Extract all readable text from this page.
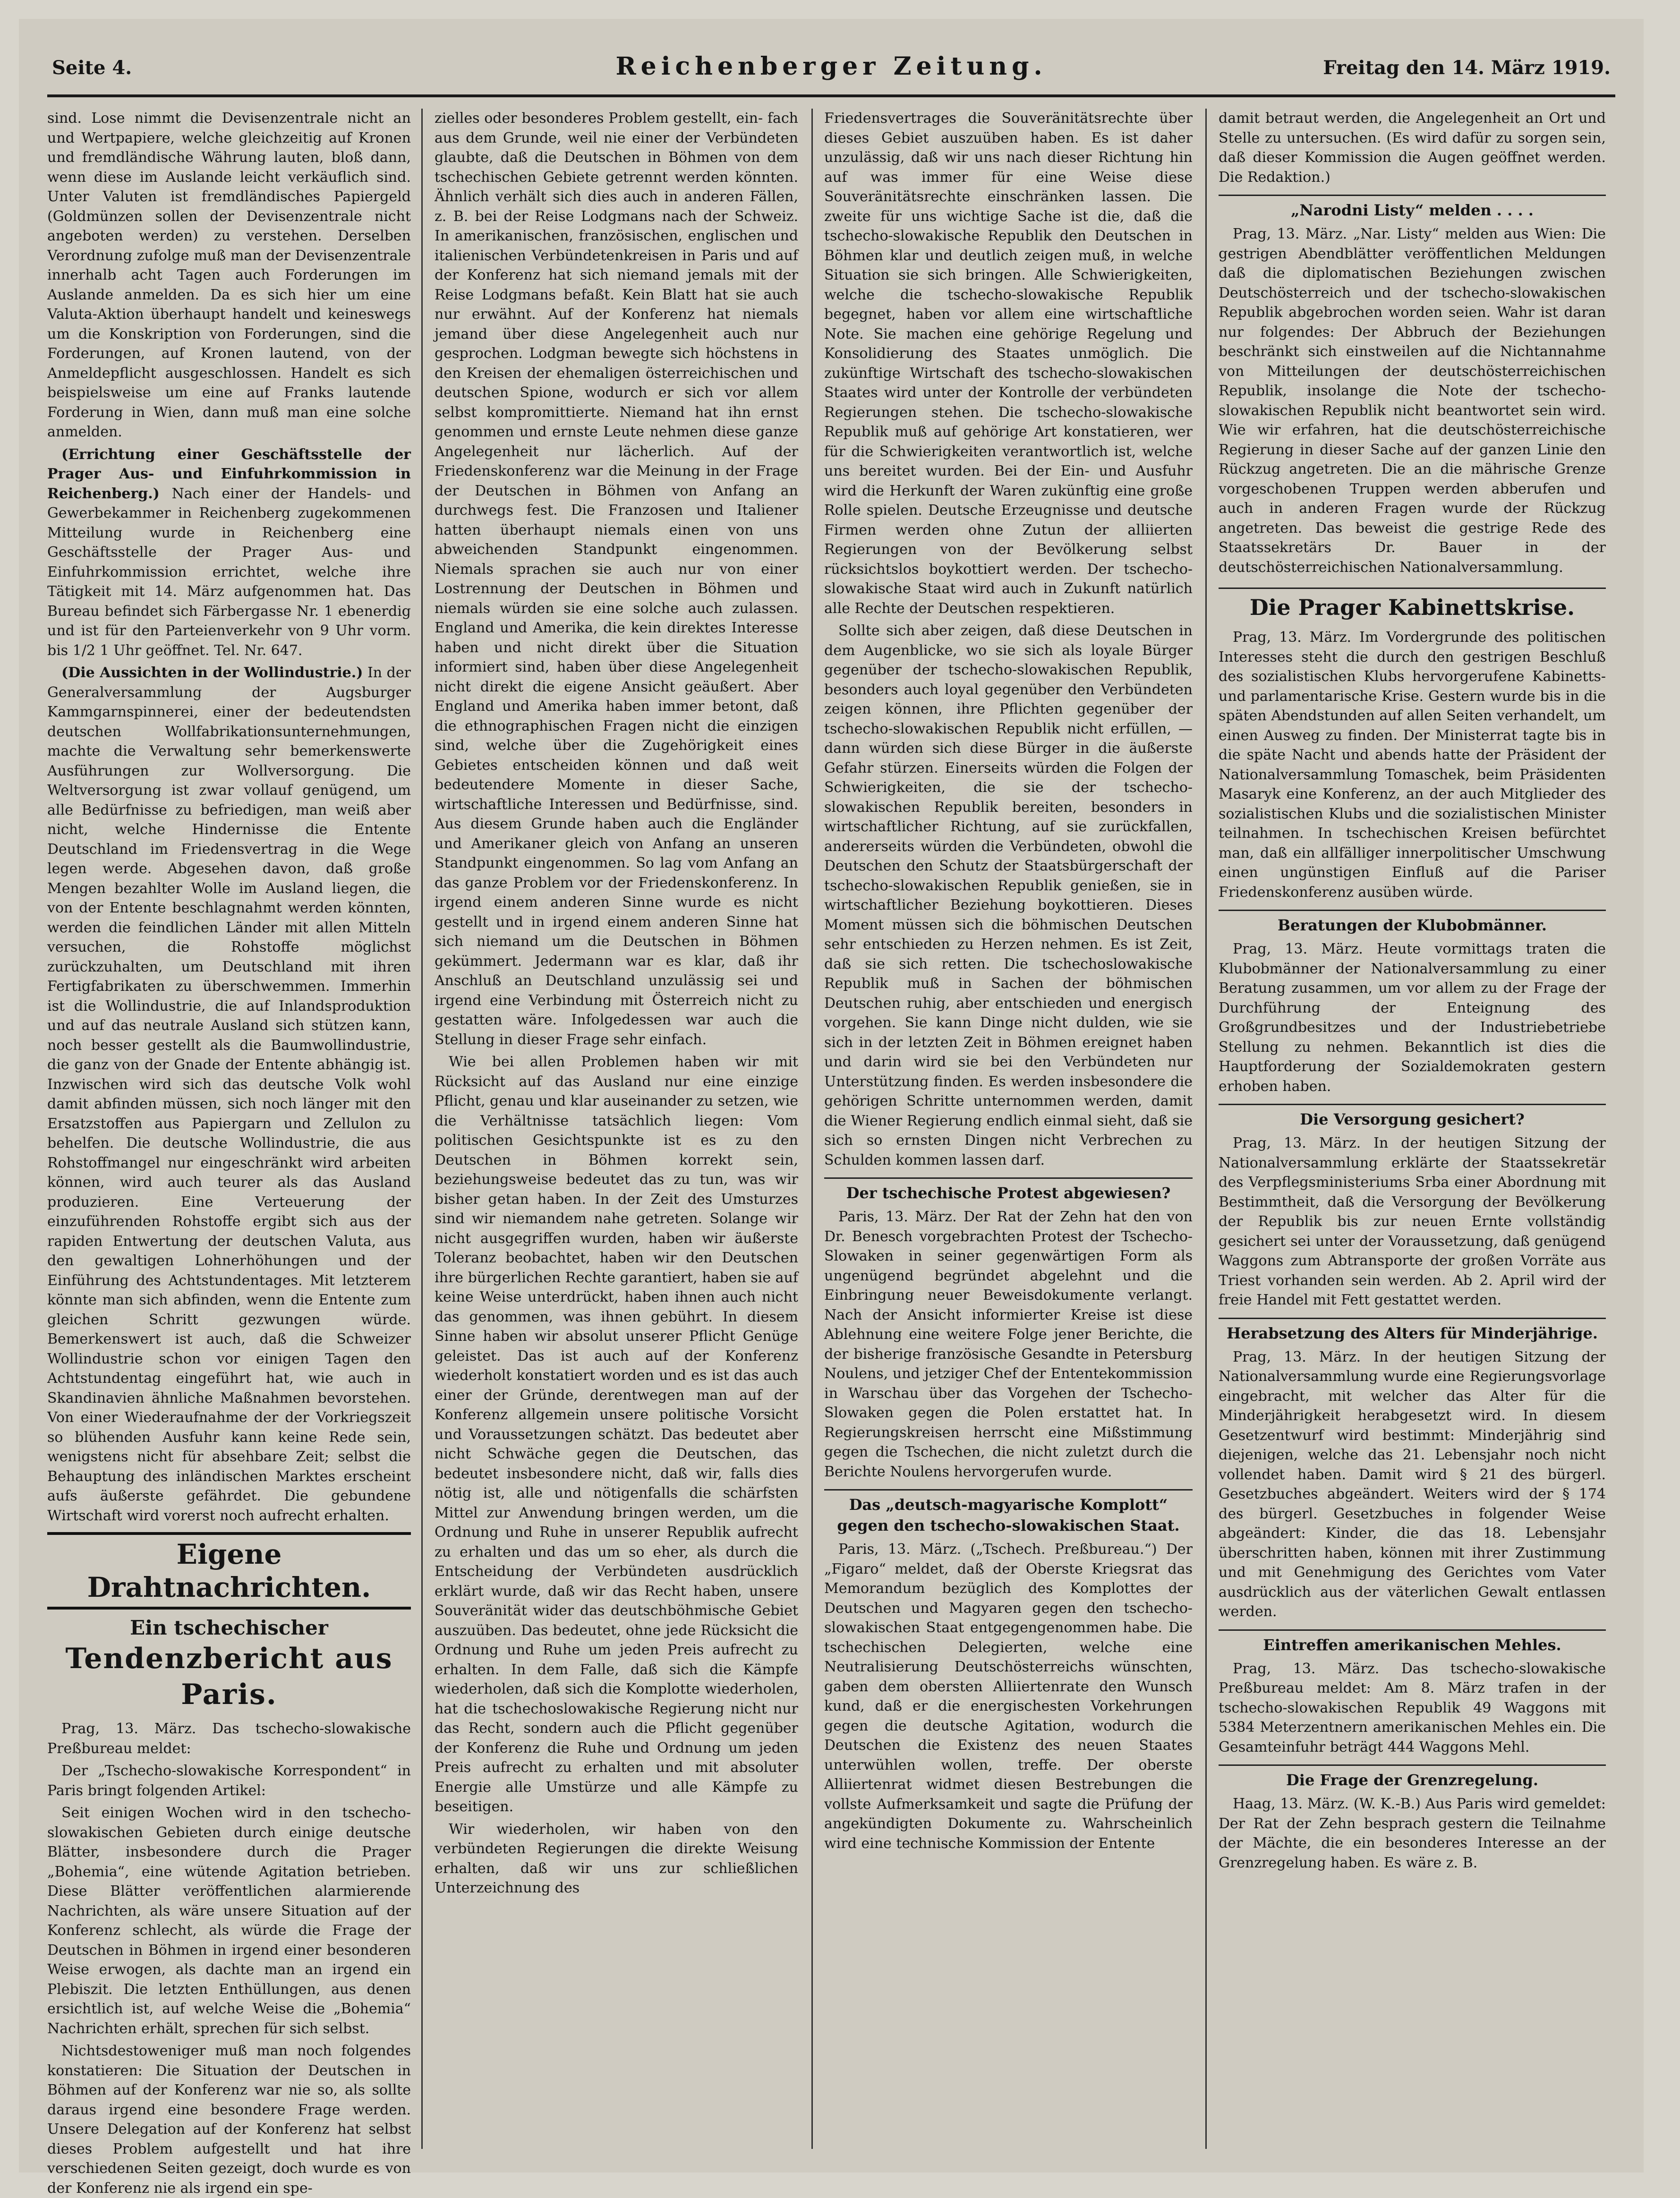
Seite 4.	Reichenberger Zeitung.	Freitag den 14. März 1919.

sind. Lose nimmt die Devisenzentrale nicht an und Wertpapiere, welche gleichzeitig auf Kronen und fremdländische Währung lauten, bloß dann, wenn diese im Auslande leicht verkäuflich sind. Unter Valuten ist fremdländisches Papiergeld (Goldmünzen sollen der Devisenzentrale nicht angeboten werden) zu verstehen. Derselben Verordnung zufolge muß man der Devisenzentrale innerhalb acht Tagen auch Forderungen im Auslande anmelden. Da es sich hier um eine Valuta-Aktion überhaupt handelt und keineswegs um die Konskription von Forderungen, sind die Forderungen, auf Kronen lautend, von der Anmeldepflicht ausgeschlossen. Handelt es sich beispielsweise um eine auf Franks lautende Forderung in Wien, dann muß man eine solche anmelden.

(Errichtung einer Geschäftsstelle der Prager Aus- und Einfuhrkommission in Reichenberg.) Nach einer der Handels- und Gewerbekammer in Reichenberg zugekommenen Mitteilung wurde in Reichenberg eine Geschäftsstelle der Prager Aus- und Einfuhrkommission errichtet, welche ihre Tätigkeit mit 14. März aufgenommen hat. Das Bureau befindet sich Färbergasse Nr. 1 ebenerdig und ist für den Parteienverkehr von 9 Uhr vorm. bis 1/2 1 Uhr geöffnet. Tel. Nr. 647.

(Die Aussichten in der Wollindustrie.) In der Generalversammlung der Augsburger Kammgarnspinnerei, einer der bedeutendsten deutschen Wollfabrikationsunternehmungen, machte die Verwaltung sehr bemerkenswerte Ausführungen zur Wollversorgung. Die Weltversorgung ist zwar vollauf genügend, um alle Bedürfnisse zu befriedigen, man weiß aber nicht, welche Hindernisse die Entente Deutschland im Friedensvertrag in die Wege legen werde. Abgesehen davon, daß große Mengen bezahlter Wolle im Ausland liegen, die von der Entente beschlagnahmt werden könnten, werden die feindlichen Länder mit allen Mitteln versuchen, die Rohstoffe möglichst zurückzuhalten, um Deutschland mit ihren Fertigfabrikaten zu überschwemmen. Immerhin ist die Wollindustrie, die auf Inlandsproduktion und auf das neutrale Ausland sich stützen kann, noch besser gestellt als die Baumwollindustrie, die ganz von der Gnade der Entente abhängig ist. Inzwischen wird sich das deutsche Volk wohl damit abfinden müssen, sich noch länger mit den Ersatzstoffen aus Papiergarn und Zellulon zu behelfen. Die deutsche Wollindustrie, die aus Rohstoffmangel nur eingeschränkt wird arbeiten können, wird auch teurer als das Ausland produzieren. Eine Verteuerung der einzuführenden Rohstoffe ergibt sich aus der rapiden Entwertung der deutschen Valuta, aus den gewaltigen Lohnerhöhungen und der Einführung des Achtstundentages. Mit letzterem könnte man sich abfinden, wenn die Entente zum gleichen Schritt gezwungen würde. Bemerkenswert ist auch, daß die Schweizer Wollindustrie schon vor einigen Tagen den Achtstundentag eingeführt hat, wie auch in Skandinavien ähnliche Maßnahmen bevorstehen. Von einer Wiederaufnahme der der Vorkriegszeit so blühenden Ausfuhr kann keine Rede sein, wenigstens nicht für absehbare Zeit; selbst die Behauptung des inländischen Marktes erscheint aufs äußerste gefährdet. Die gebundene Wirtschaft wird vorerst noch aufrecht erhalten.

Eigene Drahtnachrichten.
Ein tschechischer
Tendenzbericht aus Paris.

Prag, 13. März. Das tschecho-slowakische Preßbureau meldet:

Der „Tschecho-slowakische Korrespondent“ in Paris bringt folgenden Artikel:

Seit einigen Wochen wird in den tschecho-slowakischen Gebieten durch einige deutsche Blätter, insbesondere durch die Prager „Bohemia“, eine wütende Agitation betrieben. Diese Blätter veröffentlichen alarmierende Nachrichten, als wäre unsere Situation auf der Konferenz schlecht, als würde die Frage der Deutschen in Böhmen in irgend einer besonderen Weise erwogen, als dachte man an irgend ein Plebiszit. Die letzten Enthüllungen, aus denen ersichtlich ist, auf welche Weise die „Bohemia“ Nachrichten erhält, sprechen für sich selbst.

Nichtsdestoweniger muß man noch folgendes konstatieren: Die Situation der Deutschen in Böhmen auf der Konferenz war nie so, als sollte daraus irgend eine besondere Frage werden. Unsere Delegation auf der Konferenz hat selbst dieses Problem aufgestellt und hat ihre verschiedenen Seiten gezeigt, doch wurde es von der Konferenz nie als irgend ein spe-

zielles oder besonderes Problem gestellt, ein- fach aus dem Grunde, weil nie einer der Verbündeten glaubte, daß die Deutschen in Böhmen von dem tschechischen Gebiete getrennt werden könnten. Ähnlich verhält sich dies auch in anderen Fällen, z. B. bei der Reise Lodgmans nach der Schweiz. In amerikanischen, französischen, englischen und italienischen Verbündetenkreisen in Paris und auf der Konferenz hat sich niemand jemals mit der Reise Lodgmans befaßt. Kein Blatt hat sie auch nur erwähnt. Auf der Konferenz hat niemals jemand über diese Angelegenheit auch nur gesprochen. Lodgman bewegte sich höchstens in den Kreisen der ehemaligen österreichischen und deutschen Spione, wodurch er sich vor allem selbst kompromittierte. Niemand hat ihn ernst genommen und ernste Leute nehmen diese ganze Angelegenheit nur lächerlich. Auf der Friedenskonferenz war die Meinung in der Frage der Deutschen in Böhmen von Anfang an durchwegs fest. Die Franzosen und Italiener hatten überhaupt niemals einen von uns abweichenden Standpunkt eingenommen. Niemals sprachen sie auch nur von einer Lostrennung der Deutschen in Böhmen und niemals würden sie eine solche auch zulassen. England und Amerika, die kein direktes Interesse haben und nicht direkt über die Situation informiert sind, haben über diese Angelegenheit nicht direkt die eigene Ansicht geäußert. Aber England und Amerika haben immer betont, daß die ethnographischen Fragen nicht die einzigen sind, welche über die Zugehörigkeit eines Gebietes entscheiden können und daß weit bedeutendere Momente in dieser Sache, wirtschaftliche Interessen und Bedürfnisse, sind. Aus diesem Grunde haben auch die Engländer und Amerikaner gleich von Anfang an unseren Standpunkt eingenommen. So lag vom Anfang an das ganze Problem vor der Friedenskonferenz. In irgend einem anderen Sinne wurde es nicht gestellt und in irgend einem anderen Sinne hat sich niemand um die Deutschen in Böhmen gekümmert. Jedermann war es klar, daß ihr Anschluß an Deutschland unzulässig sei und irgend eine Verbindung mit Österreich nicht zu gestatten wäre. Infolgedessen war auch die Stellung in dieser Frage sehr einfach.

Wie bei allen Problemen haben wir mit Rücksicht auf das Ausland nur eine einzige Pflicht, genau und klar auseinander zu setzen, wie die Verhältnisse tatsächlich liegen: Vom politischen Gesichtspunkte ist es zu den Deutschen in Böhmen korrekt sein, beziehungsweise bedeutet das zu tun, was wir bisher getan haben. In der Zeit des Umsturzes sind wir niemandem nahe getreten. Solange wir nicht ausgegriffen wurden, haben wir äußerste Toleranz beobachtet, haben wir den Deutschen ihre bürgerlichen Rechte garantiert, haben sie auf keine Weise unterdrückt, haben ihnen auch nicht das genommen, was ihnen gebührt. In diesem Sinne haben wir absolut unserer Pflicht Genüge geleistet. Das ist auch auf der Konferenz wiederholt konstatiert worden und es ist das auch einer der Gründe, derentwegen man auf der Konferenz allgemein unsere politische Vorsicht und Voraussetzungen schätzt. Das bedeutet aber nicht Schwäche gegen die Deutschen, das bedeutet insbesondere nicht, daß wir, falls dies nötig ist, alle und nötigenfalls die schärfsten Mittel zur Anwendung bringen werden, um die Ordnung und Ruhe in unserer Republik aufrecht zu erhalten und das um so eher, als durch die Entscheidung der Verbündeten ausdrücklich erklärt wurde, daß wir das Recht haben, unsere Souveränität wider das deutschböhmische Gebiet auszuüben. Das bedeutet, ohne jede Rücksicht die Ordnung und Ruhe um jeden Preis aufrecht zu erhalten. In dem Falle, daß sich die Kämpfe wiederholen, daß sich die Komplotte wiederholen, hat die tschechoslowakische Regierung nicht nur das Recht, sondern auch die Pflicht gegenüber der Konferenz die Ruhe und Ordnung um jeden Preis aufrecht zu erhalten und mit absoluter Energie alle Umstürze und alle Kämpfe zu beseitigen.

Wir wiederholen, wir haben von den verbündeten Regierungen die direkte Weisung erhalten, daß wir uns zur schließlichen Unterzeichnung des

Friedensvertrages die Souveränitätsrechte über dieses Gebiet auszuüben haben. Es ist daher unzulässig, daß wir uns nach dieser Richtung hin auf was immer für eine Weise diese Souveränitätsrechte einschränken lassen. Die zweite für uns wichtige Sache ist die, daß die tschecho-slowakische Republik den Deutschen in Böhmen klar und deutlich zeigen muß, in welche Situation sie sich bringen. Alle Schwierigkeiten, welche die tschecho-slowakische Republik begegnet, haben vor allem eine wirtschaftliche Note. Sie machen eine gehörige Regelung und Konsolidierung des Staates unmöglich. Die zukünftige Wirtschaft des tschecho-slowakischen Staates wird unter der Kontrolle der verbündeten Regierungen stehen. Die tschecho-slowakische Republik muß auf gehörige Art konstatieren, wer für die Schwierigkeiten verantwortlich ist, welche uns bereitet wurden. Bei der Ein- und Ausfuhr wird die Herkunft der Waren zukünftig eine große Rolle spielen. Deutsche Erzeugnisse und deutsche Firmen werden ohne Zutun der alliierten Regierungen von der Bevölkerung selbst rücksichtslos boykottiert werden. Der tschecho-slowakische Staat wird auch in Zukunft natürlich alle Rechte der Deutschen respektieren.

Sollte sich aber zeigen, daß diese Deutschen in dem Augenblicke, wo sie sich als loyale Bürger gegenüber der tschecho-slowakischen Republik, besonders auch loyal gegenüber den Verbündeten zeigen können, ihre Pflichten gegenüber der tschecho-slowakischen Republik nicht erfüllen, — dann würden sich diese Bürger in die äußerste Gefahr stürzen. Einerseits würden die Folgen der Schwierigkeiten, die sie der tschecho-slowakischen Republik bereiten, besonders in wirtschaftlicher Richtung, auf sie zurückfallen, andererseits würden die Verbündeten, obwohl die Deutschen den Schutz der Staatsbürgerschaft der tschecho-slowakischen Republik genießen, sie in wirtschaftlicher Beziehung boykottieren. Dieses Moment müssen sich die böhmischen Deutschen sehr entschieden zu Herzen nehmen. Es ist Zeit, daß sie sich retten. Die tschechoslowakische Republik muß in Sachen der böhmischen Deutschen ruhig, aber entschieden und energisch vorgehen. Sie kann Dinge nicht dulden, wie sie sich in der letzten Zeit in Böhmen ereignet haben und darin wird sie bei den Verbündeten nur Unterstützung finden. Es werden insbesondere die gehörigen Schritte unternommen werden, damit die Wiener Regierung endlich einmal sieht, daß sie sich so ernsten Dingen nicht Verbrechen zu Schulden kommen lassen darf.

Der tschechische Protest abgewiesen?

Paris, 13. März. Der Rat der Zehn hat den von Dr. Benesch vorgebrachten Protest der Tschecho-Slowaken in seiner gegenwärtigen Form als ungenügend begründet abgelehnt und die Einbringung neuer Beweisdokumente verlangt. Nach der Ansicht informierter Kreise ist diese Ablehnung eine weitere Folge jener Berichte, die der bisherige französische Gesandte in Petersburg Noulens, und jetziger Chef der Ententekommission in Warschau über das Vorgehen der Tschecho-Slowaken gegen die Polen erstattet hat. In Regierungskreisen herrscht eine Mißstimmung gegen die Tschechen, die nicht zuletzt durch die Berichte Noulens hervorgerufen wurde.

Das „deutsch-magyarische Komplott“ gegen den tschecho-slowakischen Staat.

Paris, 13. März. („Tschech. Preßbureau.“) Der „Figaro“ meldet, daß der Oberste Kriegsrat das Memorandum bezüglich des Komplottes der Deutschen und Magyaren gegen den tschecho-slowakischen Staat entgegengenommen habe. Die tschechischen Delegierten, welche eine Neutralisierung Deutschösterreichs wünschten, gaben dem obersten Alliiertenrate den Wunsch kund, daß er die energischesten Vorkehrungen gegen die deutsche Agitation, wodurch die Deutschen die Existenz des neuen Staates unterwühlen wollen, treffe. Der oberste Alliiertenrat widmet diesen Bestrebungen die vollste Aufmerksamkeit und sagte die Prüfung der angekündigten Dokumente zu. Wahrscheinlich wird eine technische Kommission der Entente

damit betraut werden, die Angelegenheit an Ort und Stelle zu untersuchen. (Es wird dafür zu sorgen sein, daß dieser Kommission die Augen geöffnet werden. Die Redaktion.)

„Narodni Listy“ melden . . . .

Prag, 13. März. „Nar. Listy“ melden aus Wien: Die gestrigen Abendblätter veröffentlichen Meldungen daß die diplomatischen Beziehungen zwischen Deutschösterreich und der tschecho-slowakischen Republik abgebrochen worden seien. Wahr ist daran nur folgendes: Der Abbruch der Beziehungen beschränkt sich einstweilen auf die Nichtannahme von Mitteilungen der deutschösterreichischen Republik, insolange die Note der tschecho-slowakischen Republik nicht beantwortet sein wird. Wie wir erfahren, hat die deutschösterreichische Regierung in dieser Sache auf der ganzen Linie den Rückzug angetreten. Die an die mährische Grenze vorgeschobenen Truppen werden abberufen und auch in anderen Fragen wurde der Rückzug angetreten. Das beweist die gestrige Rede des Staatssekretärs Dr. Bauer in der deutschösterreichischen Nationalversammlung.

Die Prager Kabinettskrise.

Prag, 13. März. Im Vordergrunde des politischen Interesses steht die durch den gestrigen Beschluß des sozialistischen Klubs hervorgerufene Kabinetts- und parlamentarische Krise. Gestern wurde bis in die späten Abendstunden auf allen Seiten verhandelt, um einen Ausweg zu finden. Der Ministerrat tagte bis in die späte Nacht und abends hatte der Präsident der Nationalversammlung Tomaschek, beim Präsidenten Masaryk eine Konferenz, an der auch Mitglieder des sozialistischen Klubs und die sozialistischen Minister teilnahmen. In tschechischen Kreisen befürchtet man, daß ein allfälliger innerpolitischer Umschwung einen ungünstigen Einfluß auf die Pariser Friedenskonferenz ausüben würde.

Beratungen der Klubobmänner.

Prag, 13. März. Heute vormittags traten die Klubobmänner der Nationalversammlung zu einer Beratung zusammen, um vor allem zu der Frage der Durchführung der Enteignung des Großgrundbesitzes und der Industriebetriebe Stellung zu nehmen. Bekanntlich ist dies die Hauptforderung der Sozialdemokraten gestern erhoben haben.

Die Versorgung gesichert?

Prag, 13. März. In der heutigen Sitzung der Nationalversammlung erklärte der Staatssekretär des Verpflegsministeriums Srba einer Abordnung mit Bestimmtheit, daß die Versorgung der Bevölkerung der Republik bis zur neuen Ernte vollständig gesichert sei unter der Voraussetzung, daß genügend Waggons zum Abtransporte der großen Vorräte aus Triest vorhanden sein werden. Ab 2. April wird der freie Handel mit Fett gestattet werden.

Herabsetzung des Alters für Minderjährige.

Prag, 13. März. In der heutigen Sitzung der Nationalversammlung wurde eine Regierungsvorlage eingebracht, mit welcher das Alter für die Minderjährigkeit herabgesetzt wird. In diesem Gesetzentwurf wird bestimmt: Minderjährig sind diejenigen, welche das 21. Lebensjahr noch nicht vollendet haben. Damit wird § 21 des bürgerl. Gesetzbuches abgeändert. Weiters wird der § 174 des bürgerl. Gesetzbuches in folgender Weise abgeändert: Kinder, die das 18. Lebensjahr überschritten haben, können mit ihrer Zustimmung und mit Genehmigung des Gerichtes vom Vater ausdrücklich aus der väterlichen Gewalt entlassen werden.

Eintreffen amerikanischen Mehles.

Prag, 13. März. Das tschecho-slowakische Preßbureau meldet: Am 8. März trafen in der tschecho-slowakischen Republik 49 Waggons mit 5384 Meterzentnern amerikanischen Mehles ein. Die Gesamteinfuhr beträgt 444 Waggons Mehl.

Die Frage der Grenzregelung.

Haag, 13. März. (W. K.-B.) Aus Paris wird gemeldet: Der Rat der Zehn besprach gestern die Teilnahme der Mächte, die ein besonderes Interesse an der Grenzregelung haben. Es wäre z. B.
